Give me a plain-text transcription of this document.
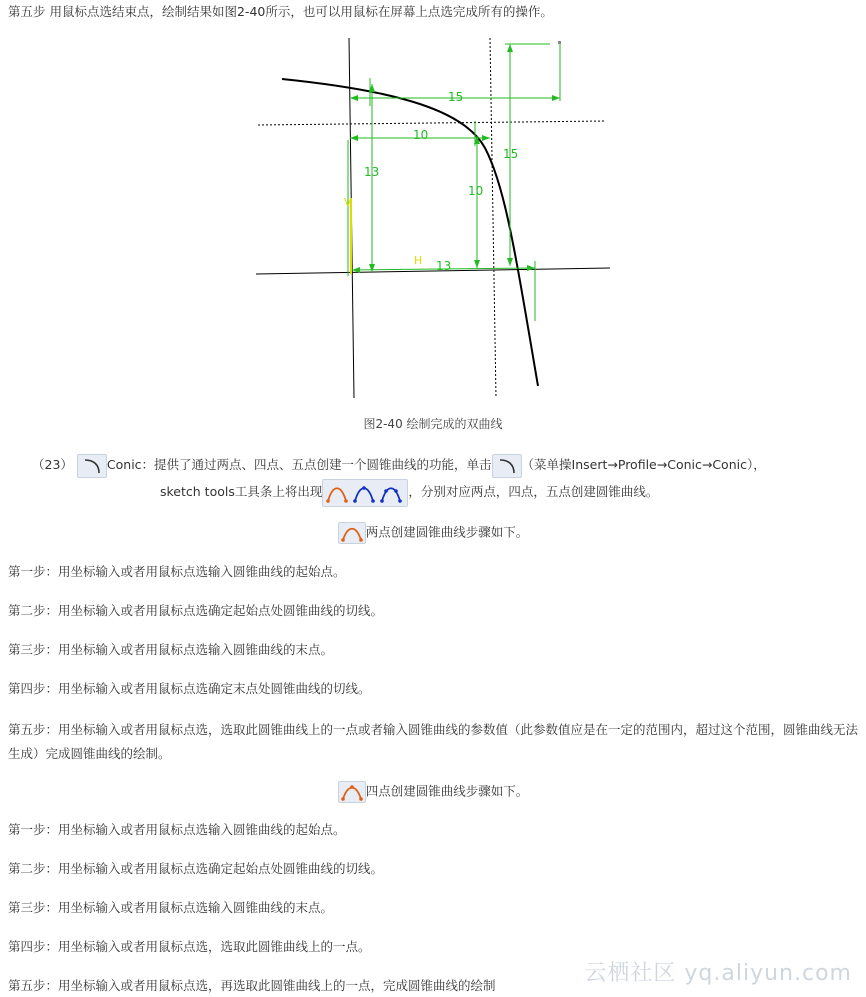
第五步 用鼠标点选结束点，绘制结果如图2-40所示，也可以用鼠标在屏幕上点选完成所有的操作。
15
10
13
10
15
13
V
H
图2-40 绘制完成的双曲线
（23）	Conic：提供了通过两点、四点、五点创建一个圆锥曲线的功能，单击 （菜单操Insert→Profile→Conic→Conic），
sketch tools工具条上将出现	，分别对应两点，四点，五点创建圆锥曲线。
两点创建圆锥曲线步骤如下。
第一步：用坐标输入或者用鼠标点选输入圆锥曲线的起始点。
第二步：用坐标输入或者用鼠标点选确定起始点处圆锥曲线的切线。
第三步：用坐标输入或者用鼠标点选输入圆锥曲线的末点。
第四步：用坐标输入或者用鼠标点选确定末点处圆锥曲线的切线。
第五步：用坐标输入或者用鼠标点选，选取此圆锥曲线上的一点或者输入圆锥曲线的参数值（此参数值应是在一定的范围内，超过这个范围，圆锥曲线无法生成）完成圆锥曲线的绘制。
四点创建圆锥曲线步骤如下。
第一步：用坐标输入或者用鼠标点选输入圆锥曲线的起始点。
第二步：用坐标输入或者用鼠标点选确定起始点处圆锥曲线的切线。
第三步：用坐标输入或者用鼠标点选输入圆锥曲线的末点。
第四步：用坐标输入或者用鼠标点选，选取此圆锥曲线上的一点。
第五步：用坐标输入或者用鼠标点选，再选取此圆锥曲线上的一点，完成圆锥曲线的绘制	云栖社区 yq.aliyun.com
